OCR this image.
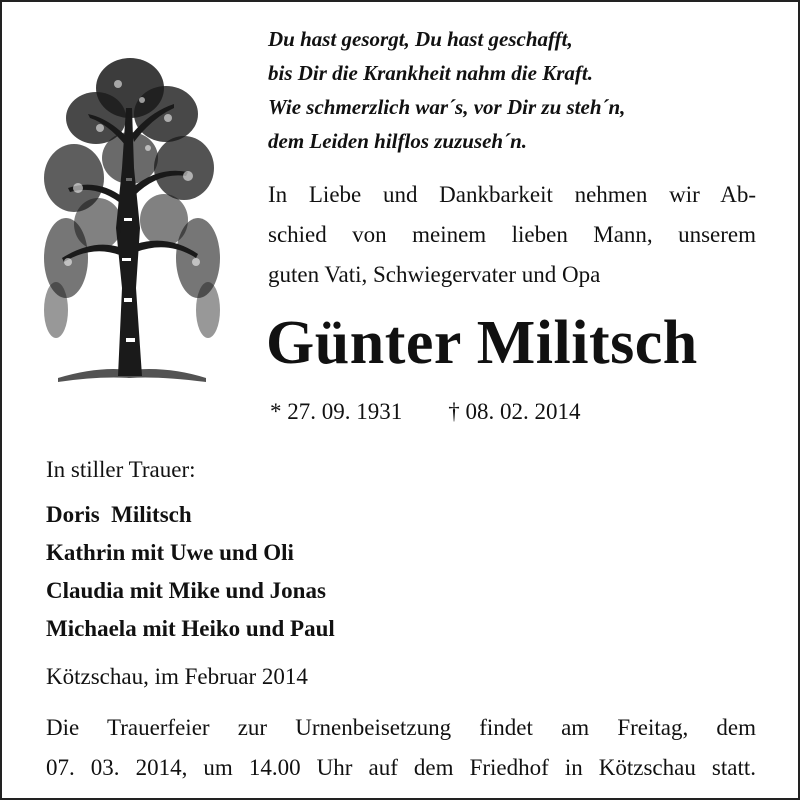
Du hast gesorgt, Du hast geschafft,
bis Dir die Krankheit nahm die Kraft.
Wie schmerzlich war´s, vor Dir zu steh´n,
dem Leiden hilflos zuzuseh´n.
In Liebe und Dankbarkeit nehmen wir Ab-
schied von meinem lieben Mann, unserem
guten Vati, Schwiegervater und Opa
Günter Militsch
* 27. 09. 1931 † 08. 02. 2014
In stiller Trauer:
Doris  Militsch
Kathrin mit Uwe und Oli
Claudia mit Mike und Jonas
Michaela mit Heiko und Paul
Kötzschau, im Februar 2014
Die Trauerfeier zur Urnenbeisetzung findet am Freitag, dem
07. 03. 2014, um 14.00 Uhr auf dem Friedhof in Kötzschau statt.
